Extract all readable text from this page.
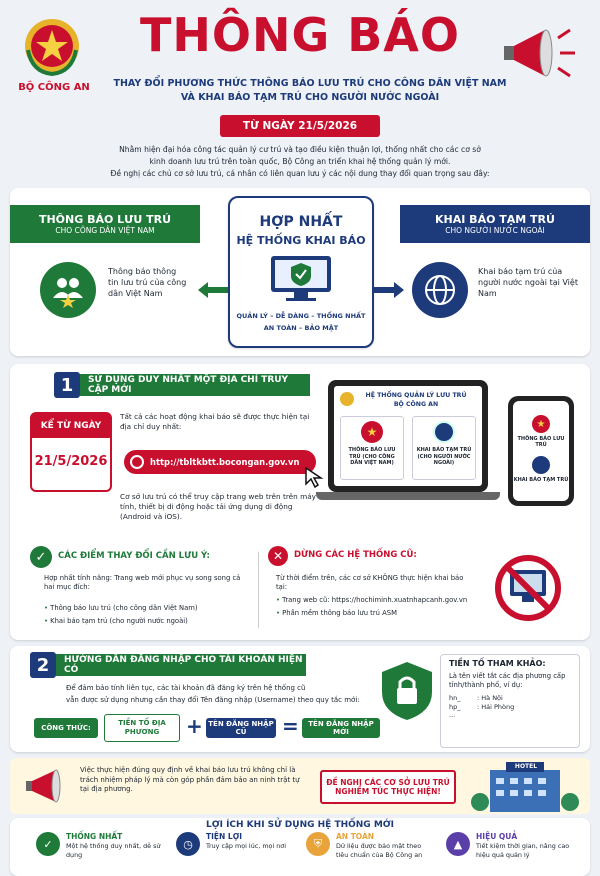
BỘ CÔNG AN
THÔNG BÁO
THAY ĐỔI PHƯƠNG THỨC THÔNG BÁO LƯU TRÚ CHO CÔNG DÂN VIỆT NAM
VÀ KHAI BÁO TẠM TRÚ CHO NGƯỜI NƯỚC NGOÀI
TỪ NGÀY 21/5/2026
Nhằm hiện đại hóa công tác quản lý cư trú và tạo điều kiện thuận lợi, thống nhất cho các cơ sở
kinh doanh lưu trú trên toàn quốc, Bộ Công an triển khai hệ thống quản lý mới.
Đề nghị các chủ cơ sở lưu trú, cá nhân có liên quan lưu ý các nội dung thay đổi quan trọng sau đây:
THÔNG BÁO LƯU TRÚ
CHO CÔNG DÂN VIỆT NAM
Thông báo thông tin lưu trú của công dân Việt Nam
HỢP NHẤT
HỆ THỐNG KHAI BÁO
QUẢN LÝ – DỄ DÀNG – THỐNG NHẤT
AN TOÀN – BẢO MẬT
KHAI BÁO TẠM TRÚ
CHO NGƯỜI NƯỚC NGOÀI
Khai báo tạm trú của người nước ngoài tại Việt Nam
1	SỬ DỤNG DUY NHẤT MỘT ĐỊA CHỈ TRUY CẬP MỚI
KỂ TỪ NGÀY
21/5/2026
Tất cả các hoạt động khai báo sẽ được thực hiện tại địa chỉ duy nhất:
http://tbltkbtt.bocongan.gov.vn
Cơ sở lưu trú có thể truy cập trang web trên trên máy tính, thiết bị di động hoặc tải ứng dụng di động (Android và iOS).
HỆ THỐNG QUẢN LÝ LƯU TRÚ
BỘ CÔNG AN
★
THÔNG BÁO LƯU TRÚ (CHO CÔNG DÂN VIỆT NAM)
KHAI BÁO TẠM TRÚ (CHO NGƯỜI NƯỚC NGOÀI)
★
THÔNG BÁO LƯU TRÚ
KHAI BÁO TẠM TRÚ
✓	CÁC ĐIỂM THAY ĐỔI CẦN LƯU Ý:
Hợp nhất tính năng: Trang web mới phục vụ song song cả hai mục đích:
• Thông báo lưu trú (cho công dân Việt Nam)
• Khai báo tạm trú (cho người nước ngoài)
✕	DỪNG CÁC HỆ THỐNG CŨ:
Từ thời điểm trên, các cơ sở KHÔNG thực hiện khai báo tại:
• Trang web cũ: https://hochiminh.xuatnhapcanh.gov.vn
• Phần mềm thông báo lưu trú ASM
2	HƯỚNG DẪN ĐĂNG NHẬP CHO TÀI KHOẢN HIỆN CÓ
Để đảm bảo tính liên tục, các tài khoản đã đăng ký trên hệ thống cũ
vẫn được sử dụng nhưng cần thay đổi Tên đăng nhập (Username) theo quy tắc mới:
CÔNG THỨC:
TIỀN TỐ ĐỊA PHƯƠNG	+ TÊN ĐĂNG NHẬP CŨ	=	TÊN ĐĂNG NHẬP MỚI
TIỀN TỐ THAM KHẢO:
Là tên viết tắt các địa phương cấp tỉnh/thành phố, ví dụ:
hn_	: Hà Nội
hp_	: Hải Phòng
...
Việc thực hiện đúng quy định về khai báo lưu trú không chỉ là trách nhiệm pháp lý mà còn góp phần đảm bảo an ninh trật tự tại địa phương.
ĐỀ NGHỊ CÁC CƠ SỞ LƯU TRÚ
NGHIÊM TÚC THỰC HIỆN!
HOTEL
LỢI ÍCH KHI SỬ DỤNG HỆ THỐNG MỚI
✓
THỐNG NHẤT
Một hệ thống duy nhất, dễ sử dụng
◷
TIỆN LỢI
Truy cập mọi lúc, mọi nơi	⛨
AN TOÀN
Dữ liệu được bảo mật theo tiêu chuẩn của Bộ Công an
▲
HIỆU QUẢ
Tiết kiệm thời gian, nâng cao hiệu quả quản lý
